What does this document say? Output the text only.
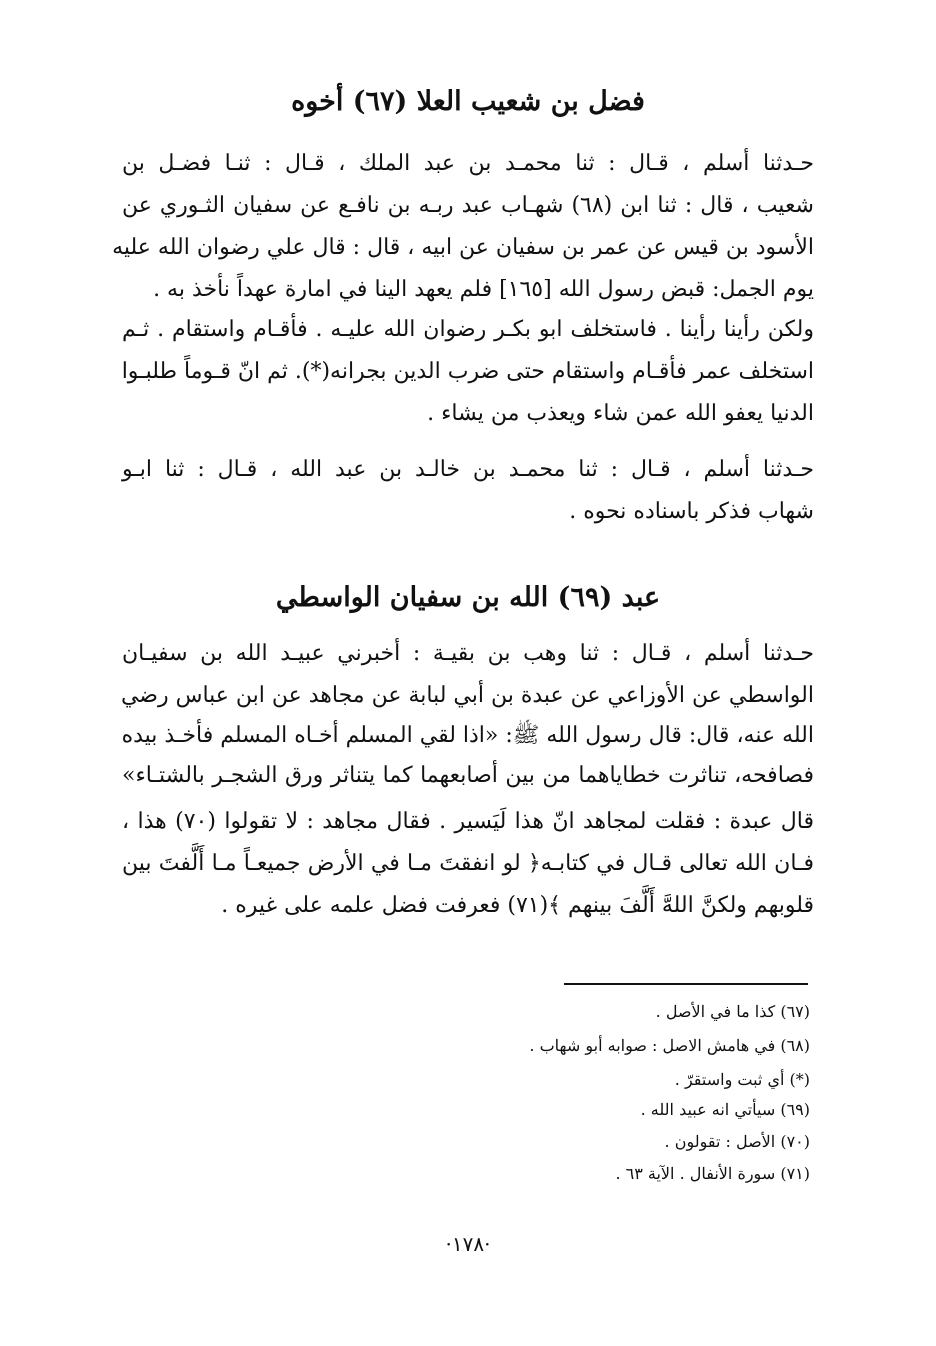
فضل بن شعيب العلا (٦٧) أخوه
حـدثنا أسلم ، قـال : ثنا محمـد بن عبد الملك ، قـال : ثنـا فضـل بن
شعيب ، قال : ثنا ابن (٦٨) شهـاب عبد ربـه بن نافـع عن سفيان الثـوري عن
الأسود بن قيس عن عمر بن سفيان عن ابيه ، قال : قال علي رضوان الله عليه
يوم الجمل: قبض رسول الله [١٦٥] فلم يعهد الينا في امارة عهداً نأخذ به .
ولكن رأينا رأينا . فاستخلف ابو بكـر رضوان الله عليـه . فأقـام واستقام . ثـم
استخلف عمر فأقـام واستقام حتى ضرب الدين بجرانه(*). ثم انّ قـوماً طلبـوا
الدنيا يعفو الله عمن شاء ويعذب من يشاء .
حـدثنا أسلم ، قـال : ثنا محمـد بن خالـد بن عبد الله ، قـال : ثنا ابـو
شهاب فذكر باسناده نحوه .
عبد (٦٩) الله بن سفيان الواسطي
حـدثنا أسلم ، قـال : ثنا وهب بن بقيـة : أخبرني عبيـد الله بن سفيـان
الواسطي عن الأوزاعي عن عبدة بن أبي لبابة عن مجاهد عن ابن عباس رضي
الله عنه، قال: قال رسول الله ﷺ: «اذا لقي المسلم أخـاه المسلم فأخـذ بيده
فصافحه، تناثرت خطاياهما من بين أصابعهما كما يتناثر ورق الشجـر بالشتـاء»
قال عبدة : فقلت لمجاهد انّ هذا لَيَسير . فقال مجاهد : لا تقولوا (٧٠) هذا ،
فـان الله تعالى قـال في كتابـه﴿ لو انفقتَ مـا في الأرض جميعـاً مـا أَلَّفتَ بين
قلوبهم ولكنَّ اللهَّ أَلَّفَ بينهم ﴾(٧١) فعرفت فضل علمه على غيره .
(٦٧) كذا ما في الأصل .
(٦٨) في هامش الاصل : صوابه أبو شهاب .
(*) أي ثبت واستقرّ .
(٦٩) سيأتي انه عبيد الله .
(٧٠) الأصل : تقولون .
(٧١) سورة الأنفال . الآية ٦٣ .
·١٧٨·
